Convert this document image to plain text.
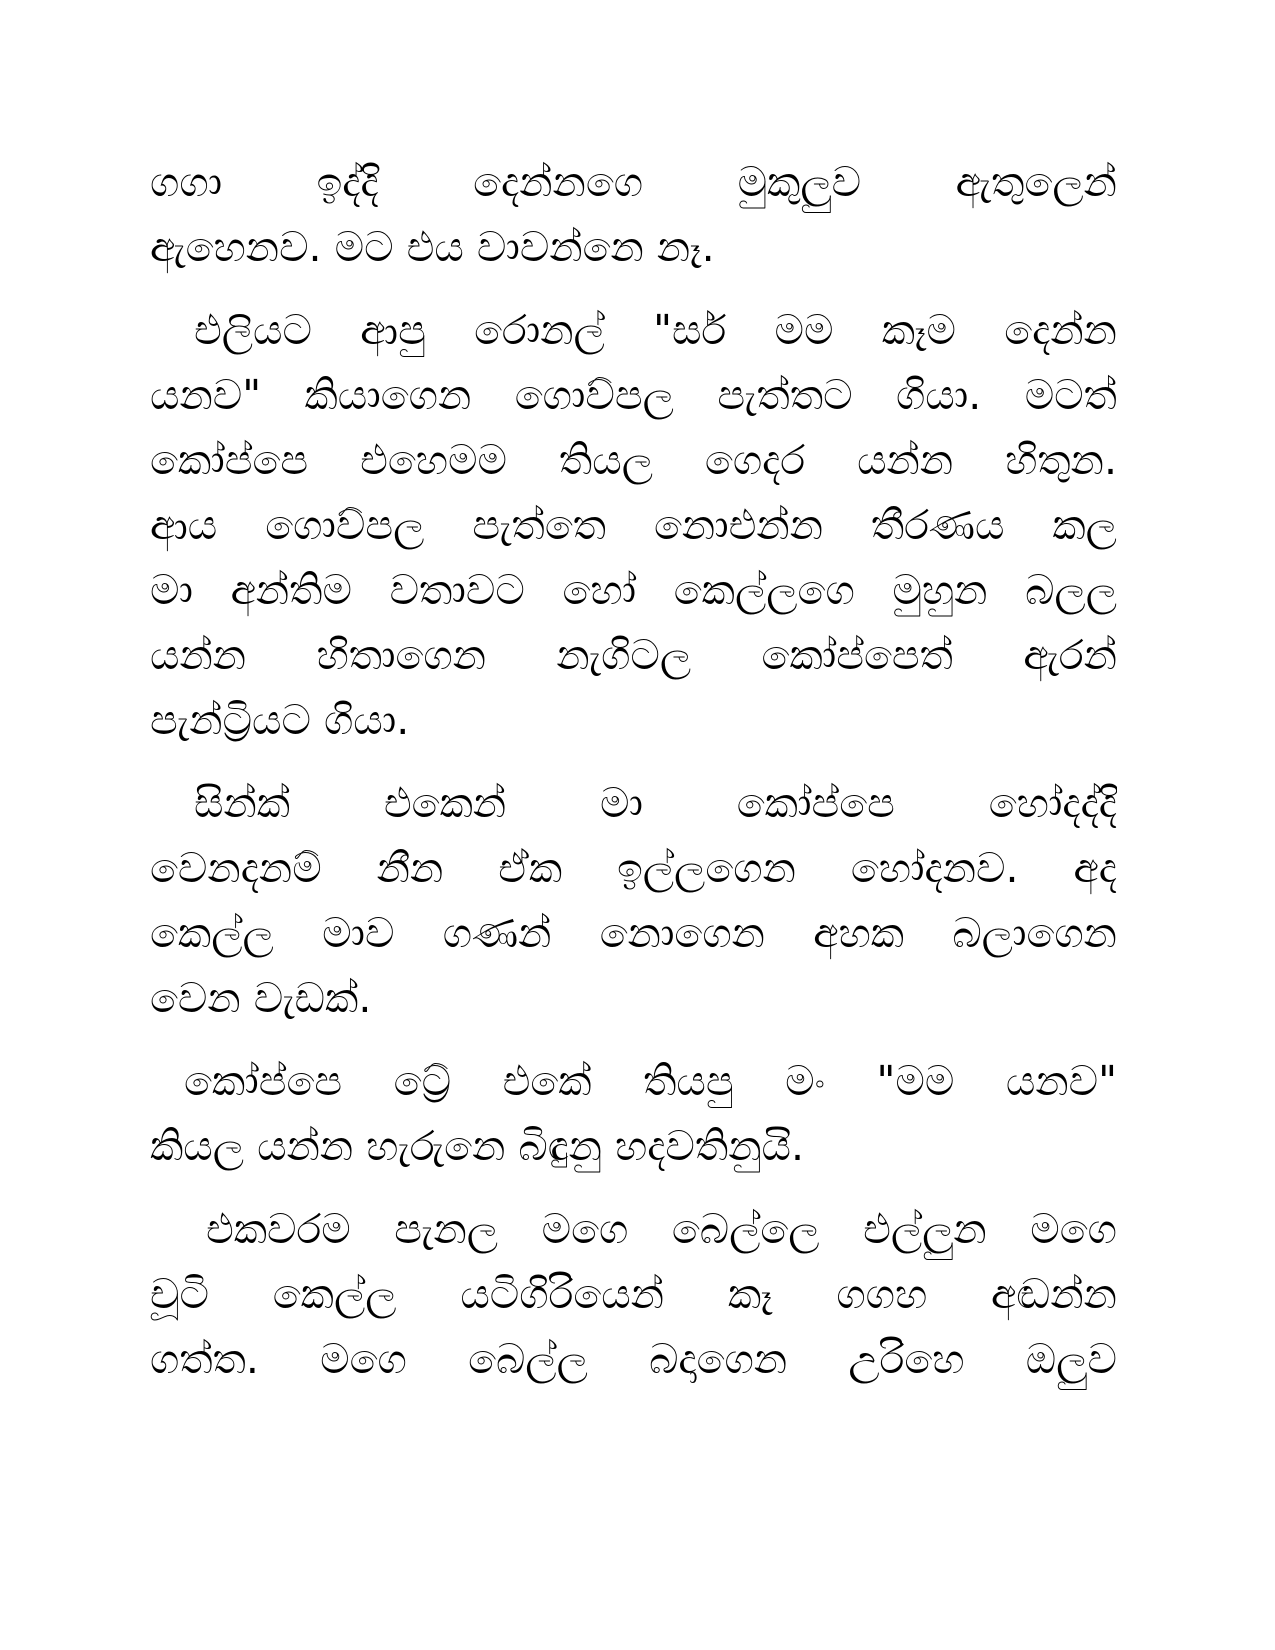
ගගා ඉද්දි දෙන්නගෙ මුකුලුව ඇතුලෙන්
ඇහෙනව. මට එය වාවන්නෙ නෑ.
එලියට ආපු රොනල් "සර් මම කෑම දෙන්න
යනව" කියාගෙන ගොව්පල පැත්තට ගියා. මටත්
කෝප්පෙ එහෙමම තියල ගෙදර යන්න හිතුන.
ආය ගොව්පල පැත්තෙ නොඑන්න තීරණය කල
මා අන්තිම වතාවට හෝ කෙල්ලගෙ මුහුන බලල
යන්න හිතාගෙන නැගිටල කෝප්පෙත් ඇරන්
පැන්ට්‍රියට ගියා.
සින්ක් එකෙන් මා කෝප්පෙ හෝදද්දි
වෙනදනම් නීන ඒක ඉල්ලගෙන හෝදනව. අද
කෙල්ල මාව ගණන් නොගෙන අහක බලාගෙන
වෙන වැඩක්.
කෝප්පෙ ට්‍රේ එකේ තියපු මං "මම යනව"
කියල යන්න හැරුනෙ බිඳුනු හදවතිනුයි.
එකවරම පැනල මගෙ බෙල්ලෙ එල්ලුන මගෙ
චූටි කෙල්ල යටිගිරියෙන් කෑ ගගහ අඬන්න
ගත්ත. මගෙ බෙල්ල බදාගෙන උරිහෙ ඔලුව
